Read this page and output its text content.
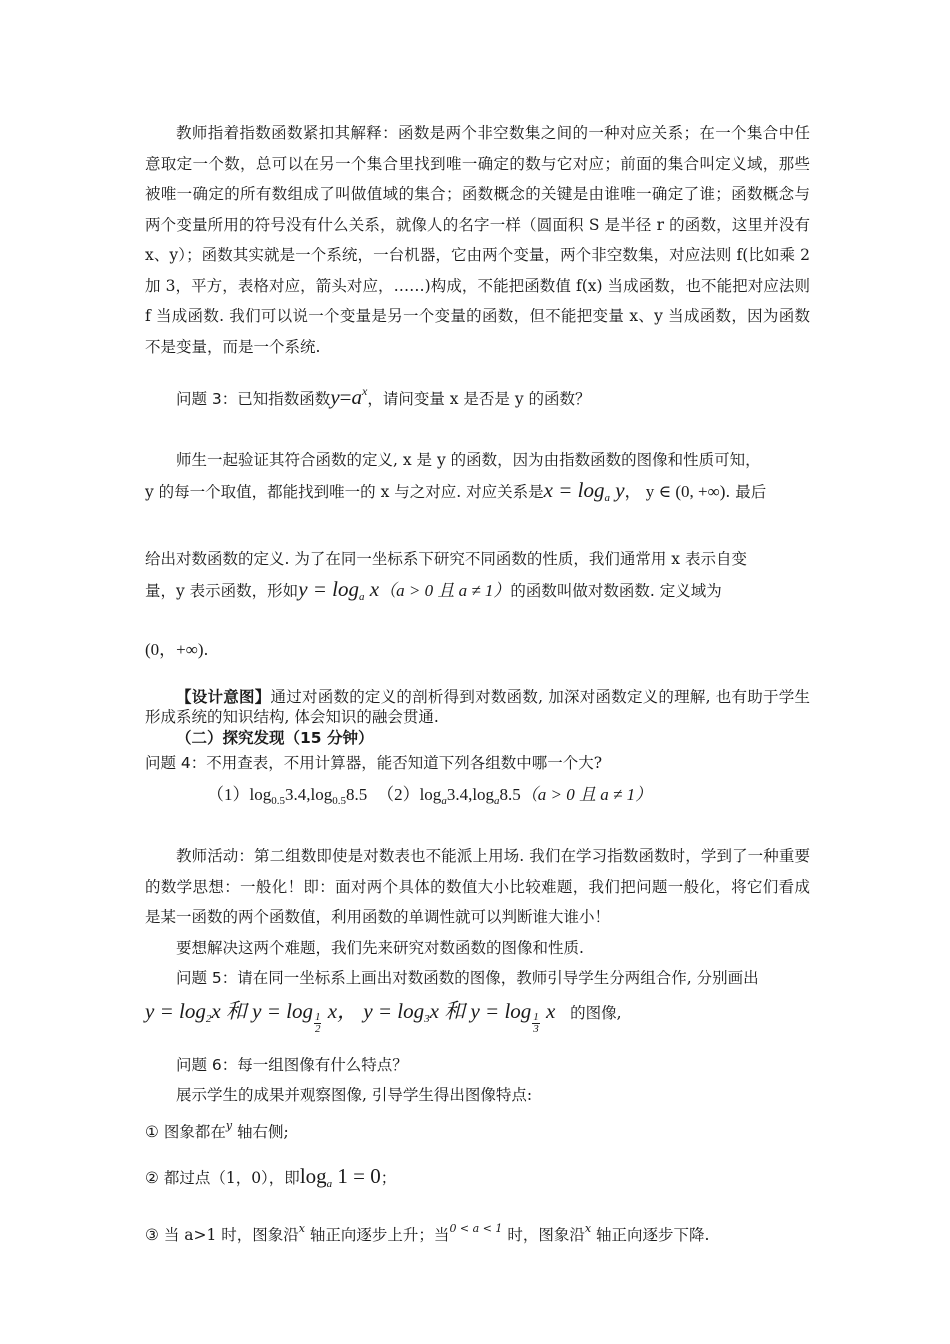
教师指着指数函数紧扣其解释：函数是两个非空数集之间的一种对应关系；在一个集合中任意取定一个数，总可以在另一个集合里找到唯一确定的数与它对应；前面的集合叫定义域，那些被唯一确定的所有数组成了叫做值域的集合；函数概念的关键是由谁唯一确定了谁；函数概念与两个变量所用的符号没有什么关系，就像人的名字一样（圆面积 S 是半径 r 的函数，这里并没有 x、y）；函数其实就是一个系统，一台机器，它由两个变量，两个非空数集，对应法则 f(比如乘 2 加 3，平方，表格对应，箭头对应，……)构成，不能把函数值 f(x) 当成函数，也不能把对应法则 f 当成函数. 我们可以说一个变量是另一个变量的函数，但不能把变量 x、y 当成函数，因为函数不是变量，而是一个系统.

问题 3：已知指数函数$y=a^x$，请问变量 x 是否是 y 的函数？

师生一起验证其符合函数的定义, x 是 y 的函数，因为由指数函数的图像和性质可知，

y 的每一个取值，都能找到唯一的 x 与之对应. 对应关系是$x = \log_a y$， y ∈ (0, +∞). 最后

给出对数函数的定义. 为了在同一坐标系下研究不同函数的性质，我们通常用 x 表示自变

量，y 表示函数，形如$y = \log_a x(a > 0$ 且 a ≠ 1）的函数叫做对数函数. 定义域为

(0，+∞).

【设计意图】通过对函数的定义的剖析得到对数函数, 加深对函数定义的理解, 也有助于学生形成系统的知识结构, 体会知识的融会贯通.

（二）探究发现（15 分钟）

问题 4：不用查表，不用计算器，能否知道下列各组数中哪一个大?

$(1)\log_{0.5}3.4,\log_{0.5}8.5$ $(2)\log_a3.4,\log_a8.5(a > 0$ 且 a ≠ 1）

教师活动：第二组数即使是对数表也不能派上用场. 我们在学习指数函数时，学到了一种重要的数学思想：一般化！即：面对两个具体的数值大小比较难题，我们把问题一般化，将它们看成是某一函数的两个函数值，利用函数的单调性就可以判断谁大谁小！

要想解决这两个难题，我们先来研究对数函数的图像和性质.

问题 5：请在同一坐标系上画出对数函数的图像，教师引导学生分两组合作, 分别画出

$y = \log_2x$ 和 y = log
$\frac{1}{2}$
x， $y = \log_3x$ 和 y = log
$\frac{1}{3}$
x 的图像,

问题 6：每一组图像有什么特点？

展示学生的成果并观察图像, 引导学生得出图像特点:

① 图象都在$^y$ 轴右侧;

② 都过点（1，0），即$\log_a 1 = 0$；

③ 当 a>1 时，图象沿$^x$ 轴正向逐步上升；当$^{0 < a < 1}$ 时，图象沿$^x$ 轴正向逐步下降.
